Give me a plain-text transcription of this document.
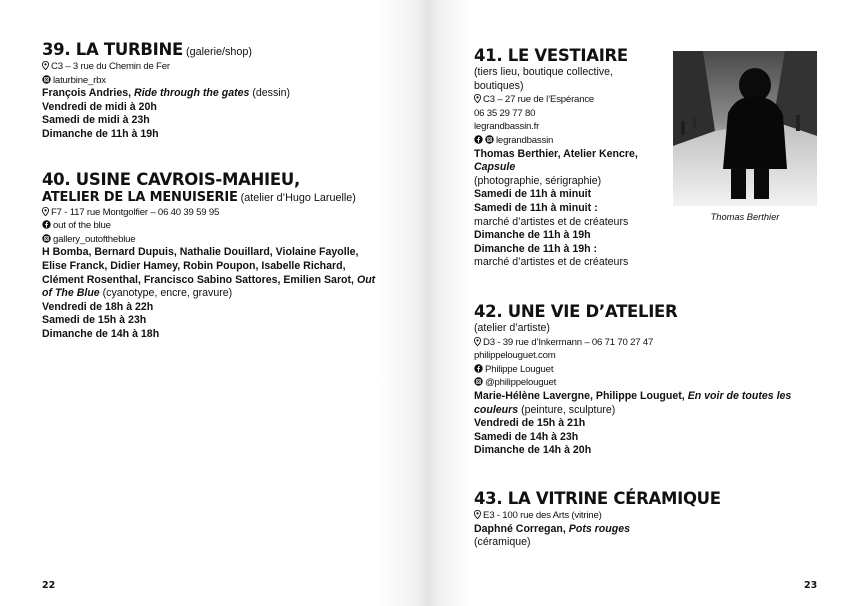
39. LA TURBINE (galerie/shop)
C3 – 3 rue du Chemin de Fer
laturbine_rbx
François Andries, Ride through the gates (dessin)
Vendredi de midi à 20h
Samedi de midi à 23h
Dimanche de 11h à 19h
40. USINE CAVROIS-MAHIEU,
ATELIER DE LA MENUISERIE (atelier d’Hugo Laruelle)
F7 - 117 rue Montgolfier – 06 40 39 59 95
out of the blue
gallery_outoftheblue
H Bomba, Bernard Dupuis, Nathalie Douillard, Violaine Fayolle,
Elise Franck, Didier Hamey, Robin Poupon, Isabelle Richard,
Clément Rosenthal, Francisco Sabino Sattores, Emilien Sarot, Out
of The Blue (cyanotype, encre, gravure)
Vendredi de 18h à 22h
Samedi de 15h à 23h
Dimanche de 14h à 18h
22
41. LE VESTIAIRE
(tiers lieu, boutique collective,
boutiques)
C3 – 27 rue de l’Espérance
06 35 29 77 80
legrandbassin.fr
legrandbassin
Thomas Berthier, Atelier Kencre,
Capsule
(photographie, sérigraphie)
Samedi de 11h à minuit
Samedi de 11h à minuit :
marché d’artistes et de créateurs
Dimanche de 11h à 19h
Dimanche de 11h à 19h :
marché d’artistes et de créateurs
Thomas Berthier
42. UNE VIE D’ATELIER
(atelier d’artiste)
D3 - 39 rue d’Inkermann – 06 71 70 27 47
philippelouguet.com
Philippe Louguet
@philippelouguet
Marie-Hélène Lavergne, Philippe Louguet, En voir de toutes les
couleurs (peinture, sculpture)
Vendredi de 15h à 21h
Samedi de 14h à 23h
Dimanche de 14h à 20h
43. LA VITRINE CÉRAMIQUE
E3 - 100 rue des Arts (vitrine)
Daphné Corregan, Pots rouges
(céramique)
23
